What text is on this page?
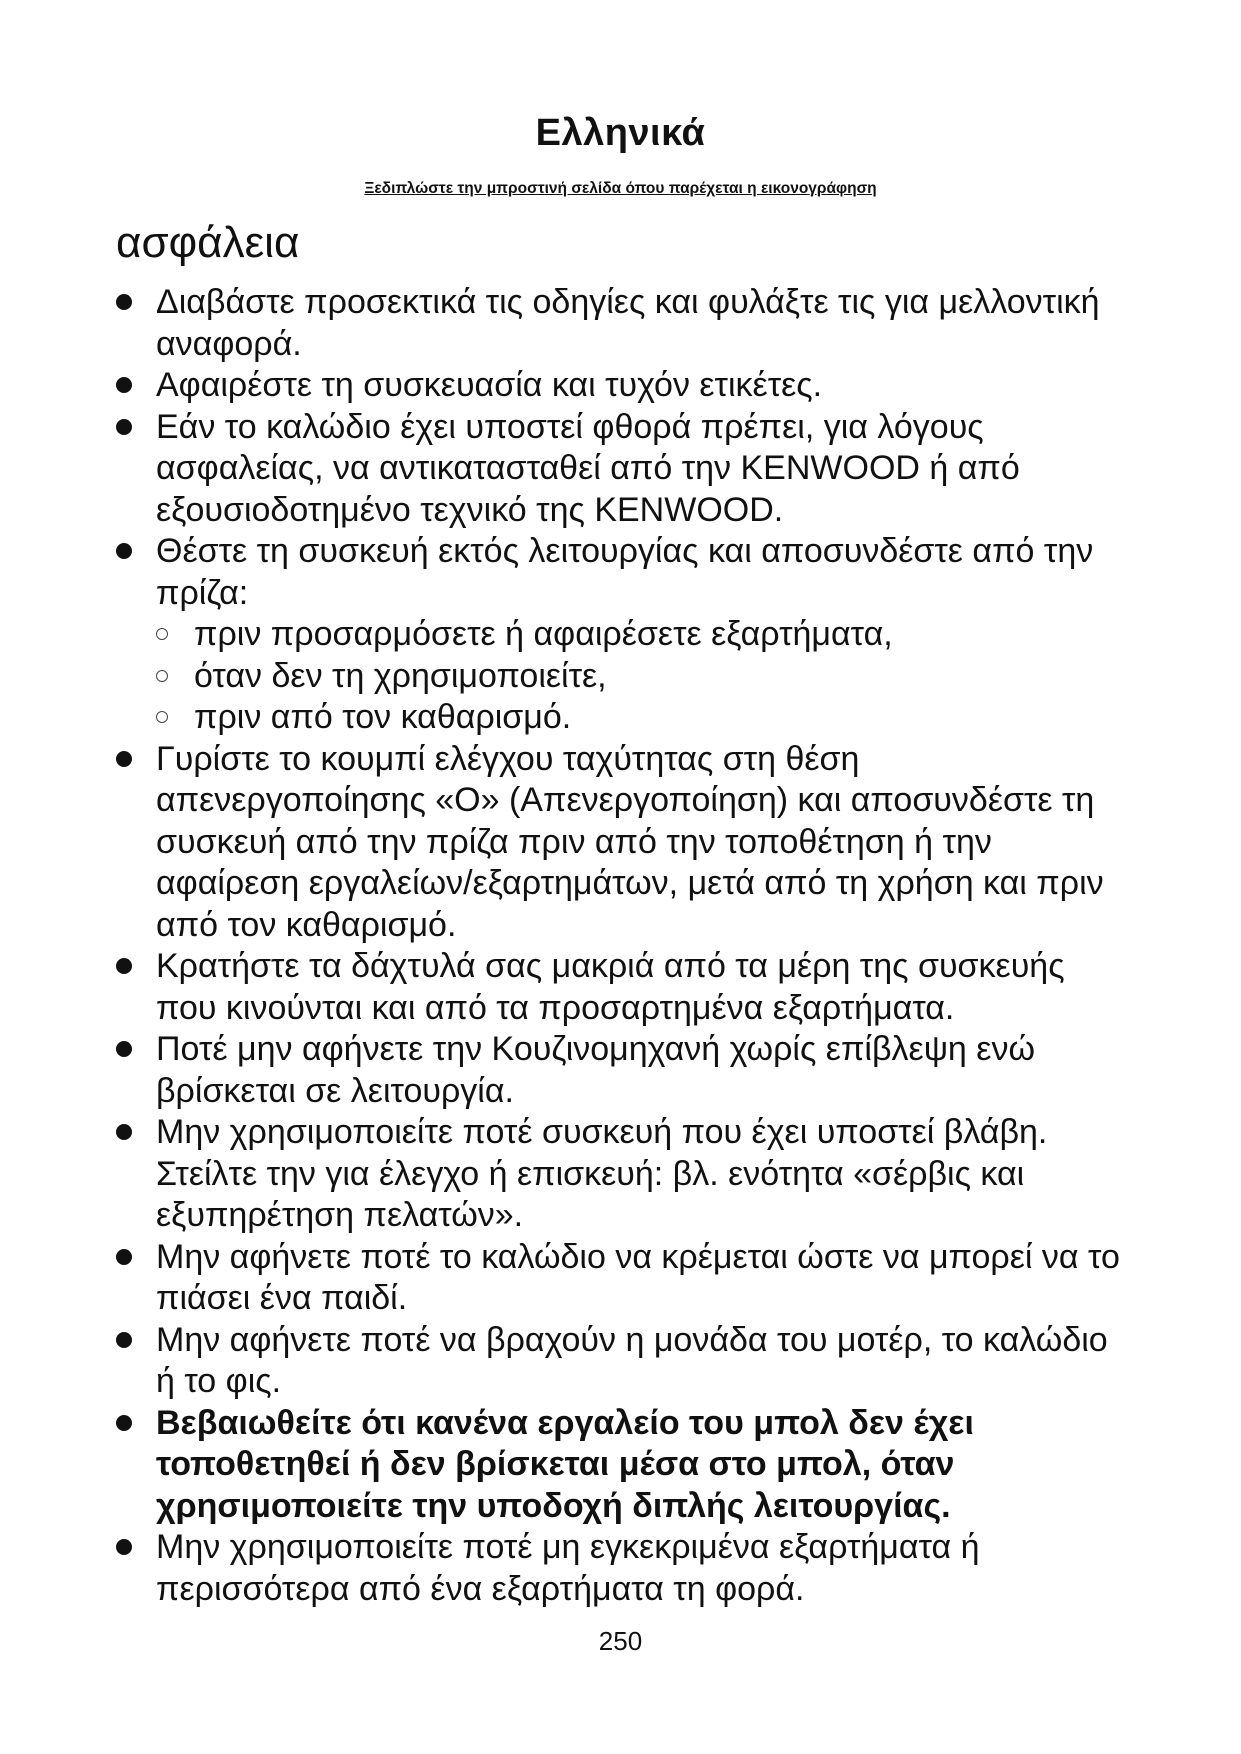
Ελληνικά

Ξεδιπλώστε την μπροστινή σελίδα όπου παρέχεται η εικονογράφηση

ασφάλεια
Διαβάστε προσεκτικά τις οδηγίες και φυλάξτε τις για μελλοντική αναφορά.
Αφαιρέστε τη συσκευασία και τυχόν ετικέτες.
Εάν το καλώδιο έχει υποστεί φθορά πρέπει, για λόγους ασφαλείας, να αντικατασταθεί από την KENWOOD ή από εξουσιοδοτημένο τεχνικό της KENWOOD.
Θέστε τη συσκευή εκτός λειτουργίας και αποσυνδέστε από την πρίζα:
πριν προσαρμόσετε ή αφαιρέσετε εξαρτήματα,
όταν δεν τη χρησιμοποιείτε,
πριν από τον καθαρισμό.
Γυρίστε το κουμπί ελέγχου ταχύτητας στη θέση απενεργοποίησης «O» (Απενεργοποίηση) και αποσυνδέστε τη συσκευή από την πρίζα πριν από την τοποθέτηση ή την αφαίρεση εργαλείων/εξαρτημάτων, μετά από τη χρήση και πριν από τον καθαρισμό.
Κρατήστε τα δάχτυλά σας μακριά από τα μέρη της συσκευής που κινούνται και από τα προσαρτημένα εξαρτήματα.
Ποτέ μην αφήνετε την Κουζινομηχανή χωρίς επίβλεψη ενώ βρίσκεται σε λειτουργία.
Μην χρησιμοποιείτε ποτέ συσκευή που έχει υποστεί βλάβη. Στείλτε την για έλεγχο ή επισκευή: βλ. ενότητα «σέρβις και εξυπηρέτηση πελατών».
Μην αφήνετε ποτέ το καλώδιο να κρέμεται ώστε να μπορεί να το πιάσει ένα παιδί.
Μην αφήνετε ποτέ να βραχούν η μονάδα του μοτέρ, το καλώδιο ή το φις.
Βεβαιωθείτε ότι κανένα εργαλείο του μπολ δεν έχει τοποθετηθεί ή δεν βρίσκεται μέσα στο μπολ, όταν χρησιμοποιείτε την υποδοχή διπλής λειτουργίας.
Μην χρησιμοποιείτε ποτέ μη εγκεκριμένα εξαρτήματα ή περισσότερα από ένα εξαρτήματα τη φορά.

250
